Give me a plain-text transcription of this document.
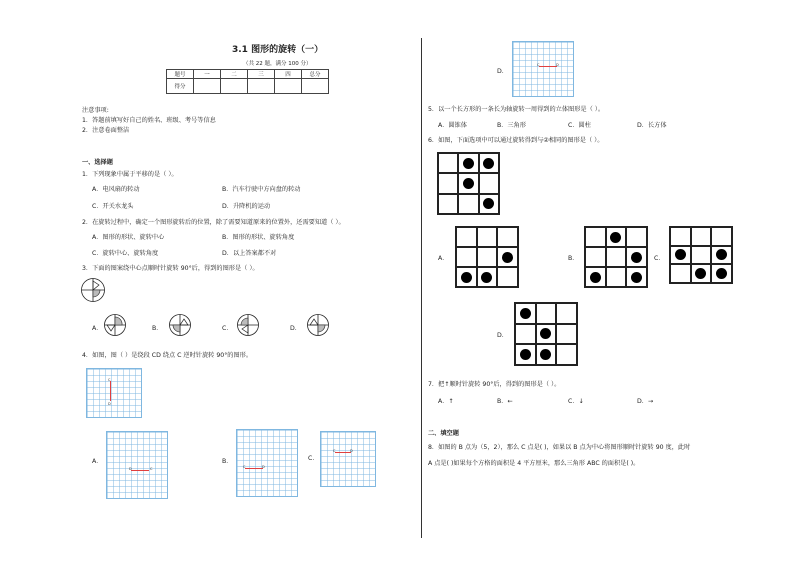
3.1 图形的旋转（一）
（共 22 题，满分 100 分）
题号	一	二	三	四	总分
得分					
注意事项:
1．答题前填写好自己的姓名、班级、考号等信息
2．注意卷面整洁
一、选择题
1．下列现象中属于平移的是（ ）。
A．电风扇的转动	B．汽车行驶中方向盘的转动
C．开关水龙头	D．升降机的运动
2．在旋转过程中，确定一个图形旋转后的位置，除了需要知道原来的位置外，还需要知道（ ）。
A．图形的形状、旋转中心	B．图形的形状、旋转角度
C．旋转中心、旋转角度	D．以上答案都不对
3．下面的图案绕中心点顺时针旋转 90°后，得到的图形是（ ）。
A．	B．	C．	D．
4．如图，图（ ）是绕段 CD 绕点 C 逆时针旋转 90°的图形。
C
D
A．
D	C
B．
C	D
C．
C	D
D．
C	D
5．以一个长方形的一条长为轴旋转一周得到的立体图形是（ ）。
A．圆锥体	B．三角形	C．圆柱	D．长方体
6．如图，下面选项中可以通过旋转得到与②相同的图形是（ ）。
A．	B．	C．
D．
7．把↑顺时针旋转 90°后，得到的图形是（ ）。
A．↑	B．←	C．↓	D．→
二、填空题
8．如图的 B 点为（5，2），那么 C 点是( )，如果以 B 点为中心将图形顺时针旋转 90 度，此时
A 点是( )如果每个方格的面积是 4 平方厘米，那么三角形 ABC 的面积是( )。
